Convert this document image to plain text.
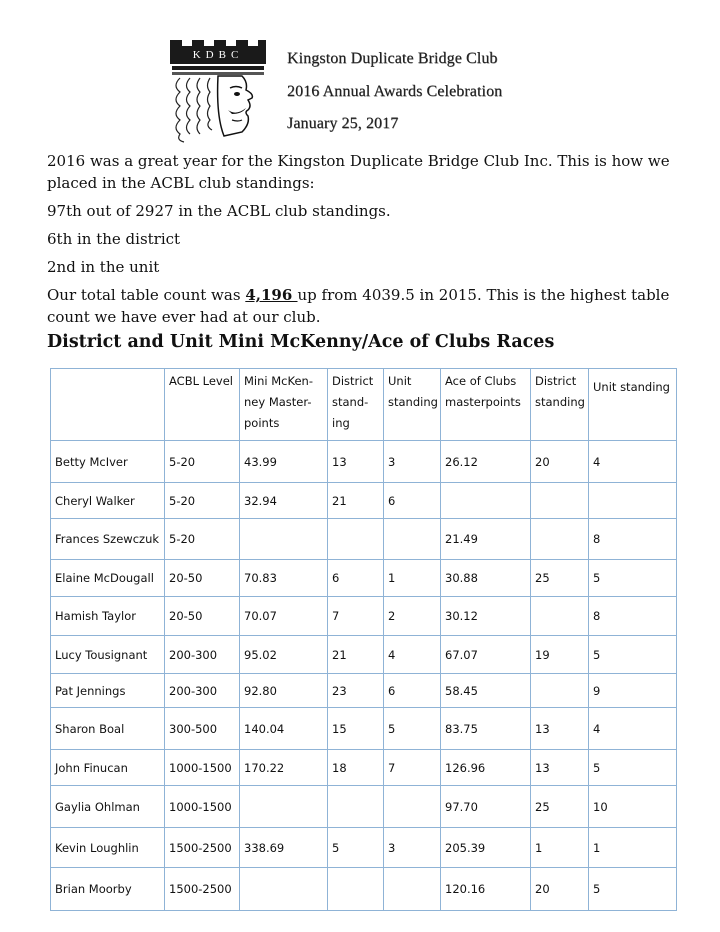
KDBC	Kingston Duplicate Bridge Club
2016 Annual Awards Celebration
January 25, 2017
2016 was a great year for the Kingston Duplicate Bridge Club Inc. This is how we placed in the ACBL club standings:
97th out of 2927 in the ACBL club standings.
6th in the district
2nd in the unit
Our total table count was 4,196 up from 4039.5 in 2015. This is the highest table count we have ever had at our club.
District and Unit Mini McKenny/Ace of Clubs Races
	ACBL Level	Mini McKen-ney Master-points	District stand-ing	Unit standing	Ace of Clubs masterpoints	District standing	Unit standing

Betty McIver	5-20	43.99	13	3	26.12	20	4
Cheryl Walker	5-20	32.94	21	6			
Frances Szewczuk	5-20				21.49		8
Elaine McDougall	20-50	70.83	6	1	30.88	25	5
Hamish Taylor	20-50	70.07	7	2	30.12		8
Lucy Tousignant	200-300	95.02	21	4	67.07	19	5
Pat Jennings	200-300	92.80	23	6	58.45		9
Sharon Boal	300-500	140.04	15	5	83.75	13	4
John Finucan	1000-1500	170.22	18	7	126.96	13	5
Gaylia Ohlman	1000-1500				97.70	25	10
Kevin Loughlin	1500-2500	338.69	5	3	205.39	1	1
Brian Moorby	1500-2500				120.16	20	5
